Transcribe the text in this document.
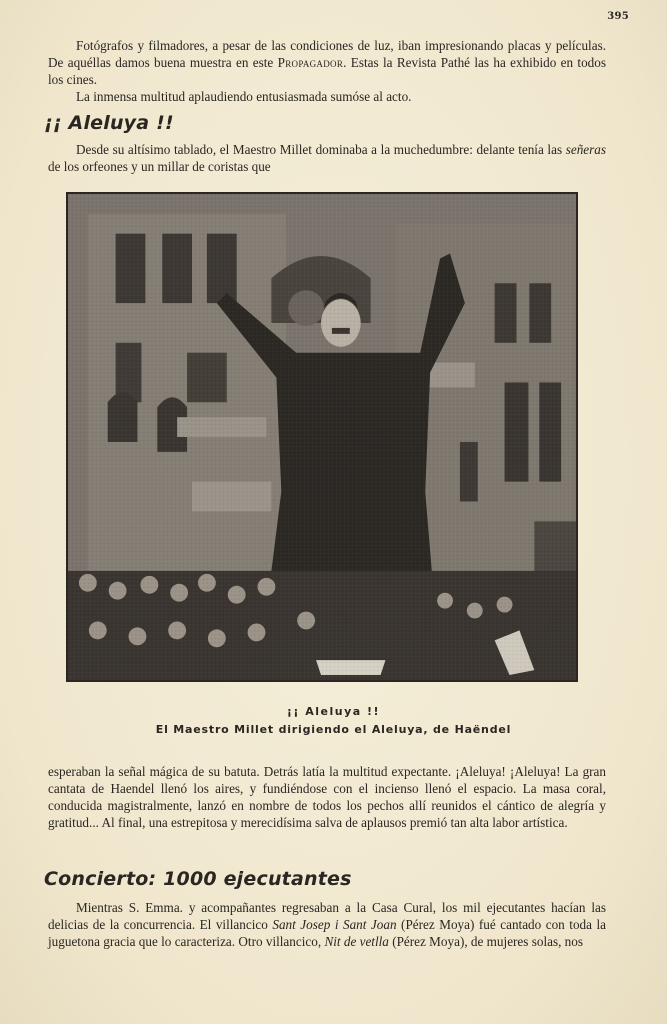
395

Fotógrafos y filmadores, a pesar de las condiciones de luz, iban impresionando placas y películas. De aquéllas damos buena muestra en este Propagador. Estas la Revista Pathé las ha exhibido en todos los cines.

La inmensa multitud aplaudiendo entusiasmada sumóse al acto.

¡¡ Aleluya !!

Desde su altísimo tablado, el Maestro Millet dominaba a la muchedumbre: delante tenía las señeras de los orfeones y un millar de coristas que

¡¡ Aleluya !!
El Maestro Millet dirigiendo el Aleluya, de Haëndel
esperaban la señal mágica de su batuta. Detrás latía la multitud expectante. ¡Aleluya! ¡Aleluya! La gran cantata de Haendel llenó los aires, y fundiéndose con el incienso llenó el espacio. La masa coral, conducida magistralmente, lanzó en nombre de todos los pechos allí reunidos el cántico de alegría y gratitud... Al final, una estrepitosa y merecidísima salva de aplausos premió tan alta labor artística.
Concierto: 1000 ejecutantes

Mientras S. Emma. y acompañantes regresaban a la Casa Cural, los mil ejecutantes hacían las delicias de la concurrencia. El villancico Sant Josep i Sant Joan (Pérez Moya) fué cantado con toda la juguetona gracia que lo caracteriza. Otro villancico, Nit de vetlla (Pérez Moya), de mujeres solas, nos
